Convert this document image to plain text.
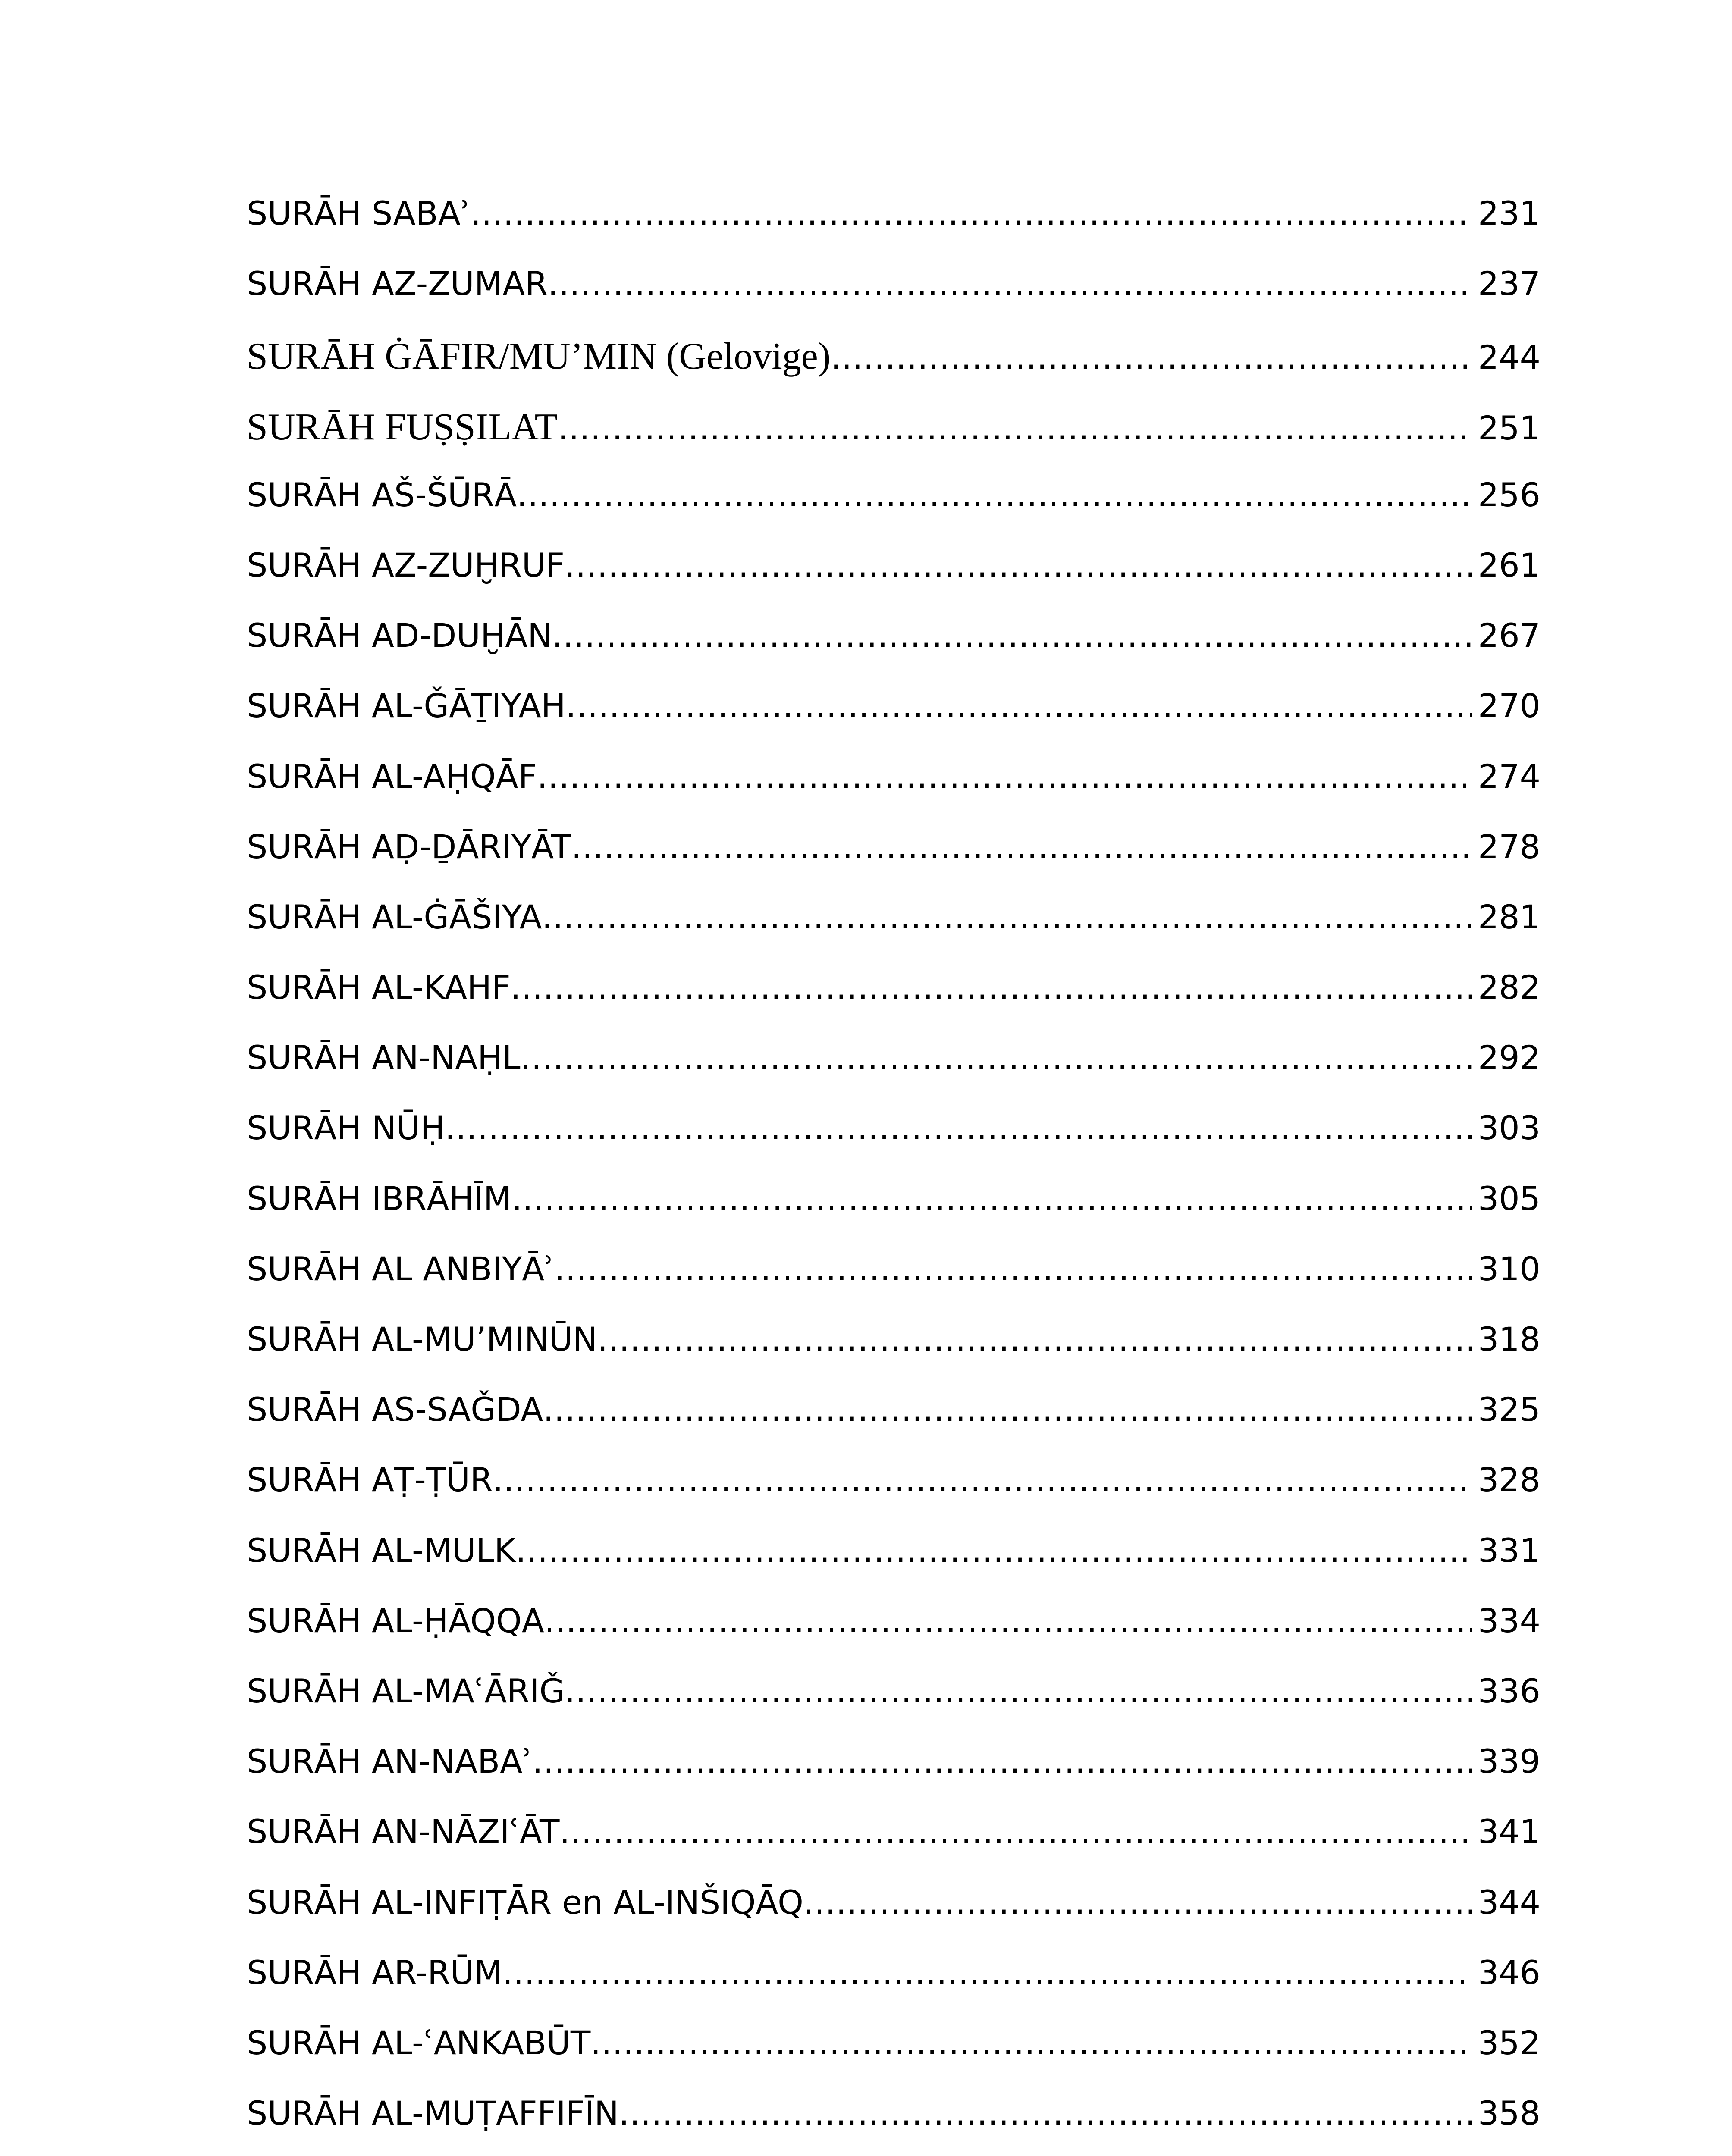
SURĀH SABAʾ .....	231
SURĀH AZ-ZUMAR .....	237
SURĀH ĠĀFIR/MU’MIN (Gelovige) .....	244
SURĀH FUṢṢILAT .....	251
SURĀH AŠ-ŠŪRĀ .....	256
SURĀH AZ-ZUḪRUF .....	261
SURĀH AD-DUḪĀN .....	267
SURĀH AL-ǦĀṮIYAH .....	270
SURĀH AL-AḤQĀF .....	274
SURĀH AḌ-ḎĀRIYĀT .....	278
SURĀH AL-ĠĀŠIYA .....	281
SURĀH AL-KAHF .....	282
SURĀH AN-NAḤL .....	292
SURĀH NŪḤ .....	303
SURĀH IBRĀHĪM .....	305
SURĀH AL ANBIYĀʾ .....	310
SURĀH AL-MU’MINŪN .....	318
SURĀH AS-SAǦDA .....	325
SURĀH AṬ-ṬŪR .....	328
SURĀH AL-MULK .....	331
SURĀH AL-ḤĀQQA .....	334
SURĀH AL-MAʿĀRIǦ .....	336
SURĀH AN-NABAʾ .....	339
SURĀH AN-NĀZIʿĀT .....	341
SURĀH AL-INFIṬĀR en AL-INŠIQĀQ .....	344
SURĀH AR-RŪM .....	346
SURĀH AL-ʿANKABŪT .....	352
SURĀH AL-MUṬAFFIFĪN .....	358
